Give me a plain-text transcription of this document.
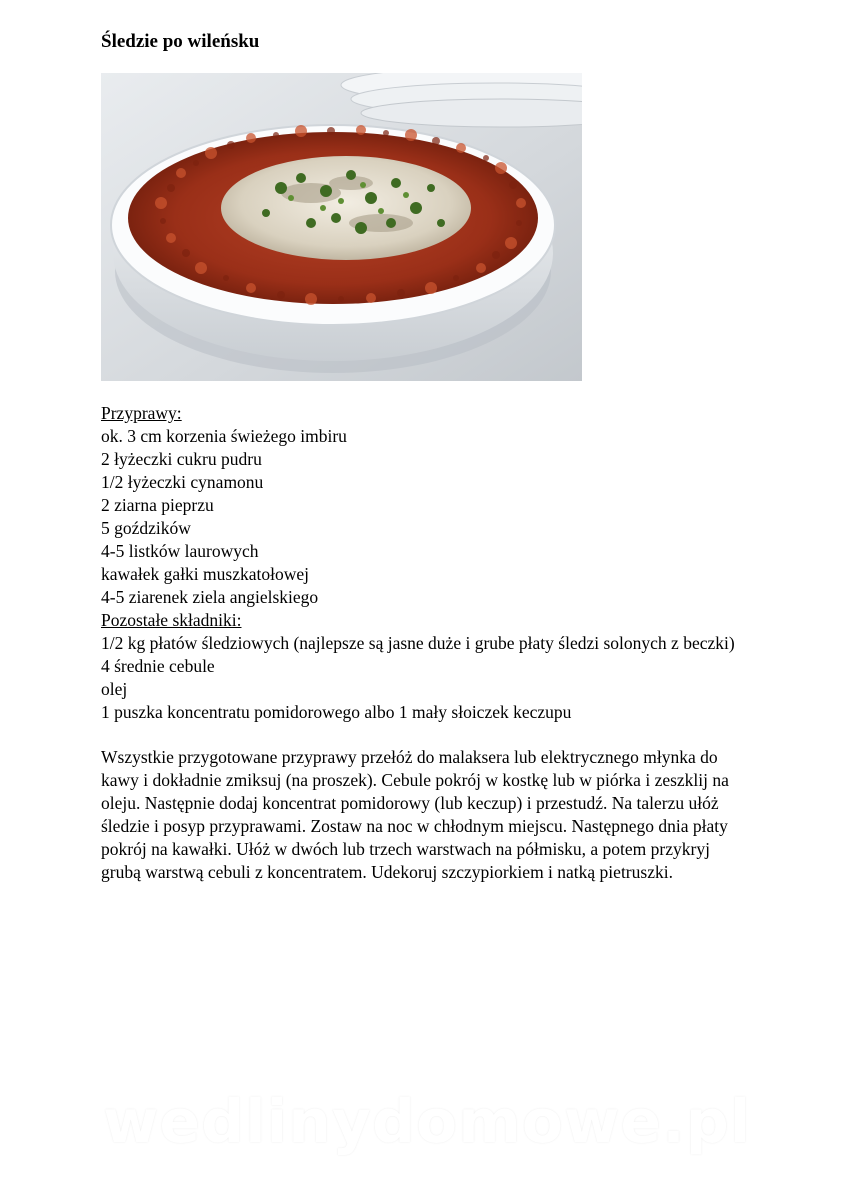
Śledzie po wileńsku
Przyprawy:
ok. 3 cm korzenia świeżego imbiru
2 łyżeczki cukru pudru
1/2 łyżeczki cynamonu
2 ziarna pieprzu
5 goździków
4-5 listków laurowych
kawałek gałki muszkatołowej
4-5 ziarenek ziela angielskiego
Pozostałe składniki:
1/2 kg płatów śledziowych (najlepsze są jasne duże i grube płaty śledzi solonych z beczki)
4 średnie cebule
olej
1 puszka koncentratu pomidorowego albo 1 mały słoiczek keczupu
Wszystkie przygotowane przyprawy przełóż do malaksera lub elektrycznego młynka do kawy i dokładnie zmiksuj (na proszek). Cebule pokrój w kostkę lub w piórka i zeszklij na oleju. Następnie dodaj koncentrat pomidorowy (lub keczup) i przestudź. Na talerzu ułóż śledzie i posyp przyprawami. Zostaw na noc w chłodnym miejscu. Następnego dnia płaty pokrój na kawałki. Ułóż w dwóch lub trzech warstwach na półmisku, a potem przykryj grubą warstwą cebuli z koncentratem. Udekoruj szczypiorkiem i natką pietruszki.
wedlinydomowe.pl
